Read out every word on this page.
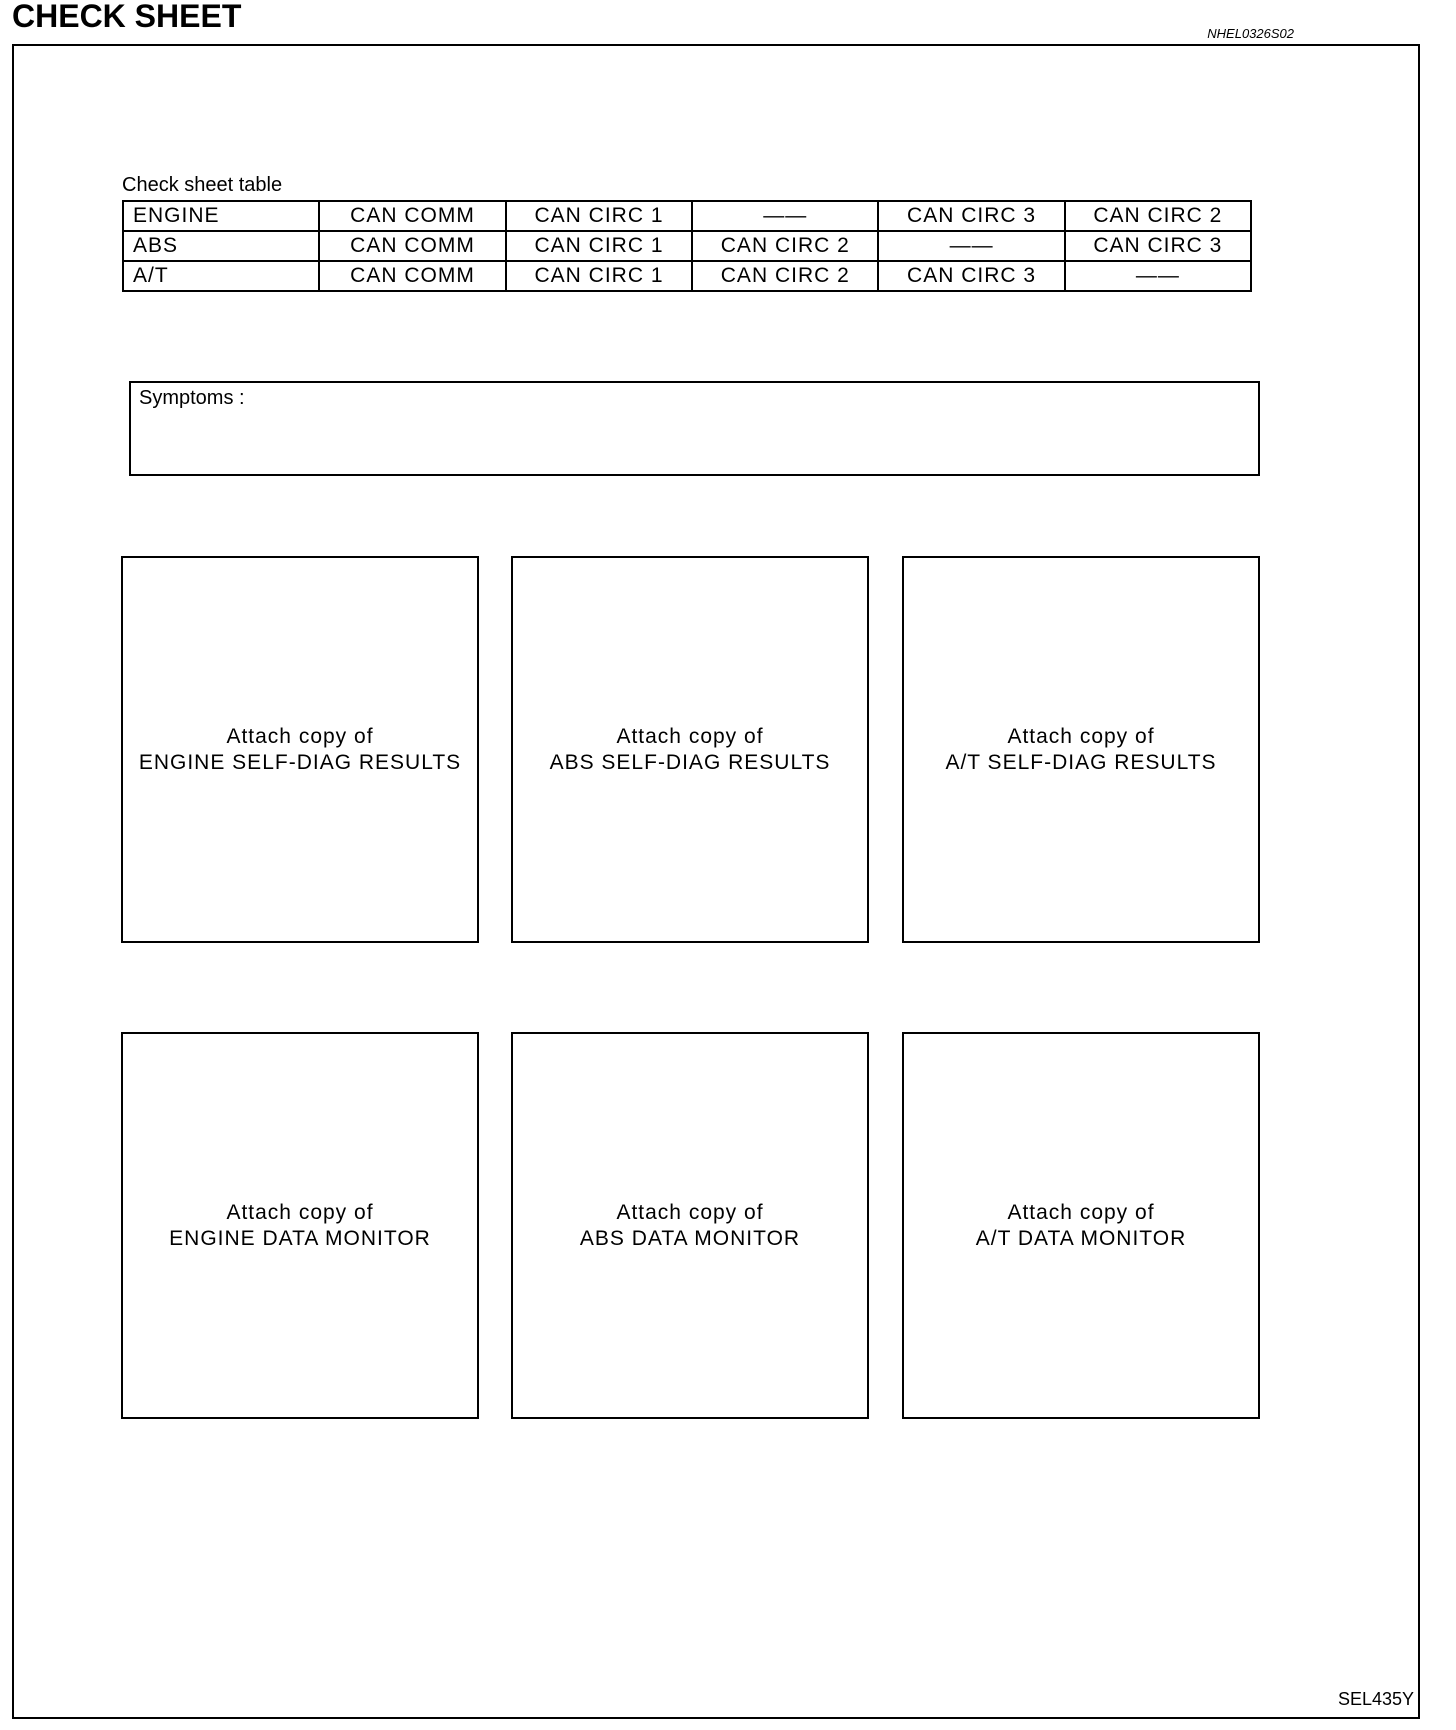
CHECK SHEET	NHEL0326S02
Check sheet table
ENGINE	CAN COMM	CAN CIRC 1	——	CAN CIRC 3	CAN CIRC 2
ABS	CAN COMM	CAN CIRC 1	CAN CIRC 2	——	CAN CIRC 3
A/T	CAN COMM	CAN CIRC 1	CAN CIRC 2	CAN CIRC 3	——
Symptoms :
Attach copy of
ENGINE SELF-DIAG RESULTS
Attach copy of
ABS SELF-DIAG RESULTS
Attach copy of
A/T SELF-DIAG RESULTS
Attach copy of
ENGINE DATA MONITOR
Attach copy of
ABS DATA MONITOR
Attach copy of
A/T DATA MONITOR
SEL435Y
